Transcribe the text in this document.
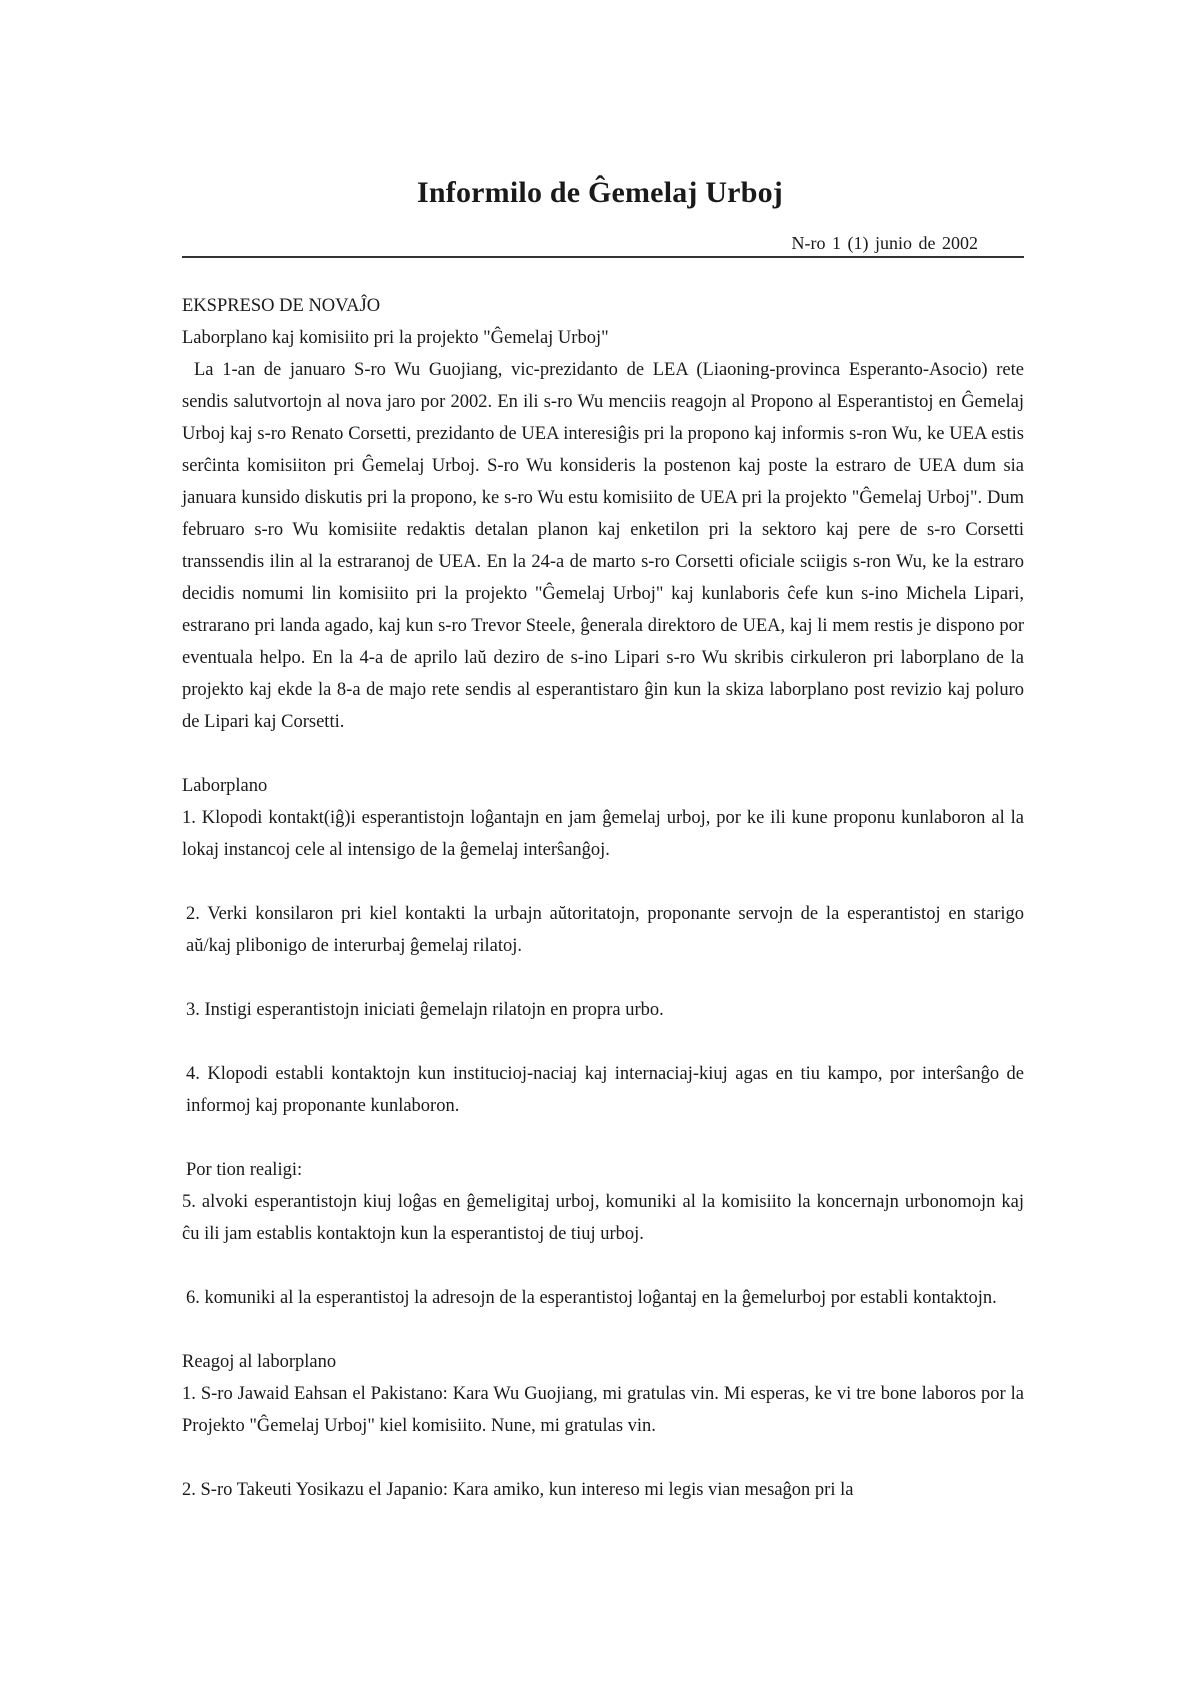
Informilo de Ĝemelaj Urboj
N-ro 1 (1) junio de 2002

EKSPRESO DE NOVAĴO

Laborplano kaj komisiito pri la projekto "Ĝemelaj Urboj"

La 1-an de januaro S-ro Wu Guojiang, vic-prezidanto de LEA (Liaoning-provinca Esperanto-Asocio) rete sendis salutvortojn al nova jaro por 2002. En ili s-ro Wu menciis reagojn al Propono al Esperantistoj en Ĝemelaj Urboj kaj s-ro Renato Corsetti, prezidanto de UEA interesiĝis pri la propono kaj informis s-ron Wu, ke UEA estis serĉinta komisiiton pri Ĝemelaj Urboj. S-ro Wu konsideris la postenon kaj poste la estraro de UEA dum sia januara kunsido diskutis pri la propono, ke s-ro Wu estu komisiito de UEA pri la projekto "Ĝemelaj Urboj". Dum februaro s-ro Wu komisiite redaktis detalan planon kaj enketilon pri la sektoro kaj pere de s-ro Corsetti transsendis ilin al la estraranoj de UEA. En la 24-a de marto s-ro Corsetti oficiale sciigis s-ron Wu, ke la estraro decidis nomumi lin komisiito pri la projekto "Ĝemelaj Urboj" kaj kunlaboris ĉefe kun s-ino Michela Lipari, estrarano pri landa agado, kaj kun s-ro Trevor Steele, ĝenerala direktoro de UEA, kaj li mem restis je dispono por eventuala helpo. En la 4-a de aprilo laŭ deziro de s-ino Lipari s-ro Wu skribis cirkuleron pri laborplano de la projekto kaj ekde la 8-a de majo rete sendis al esperantistaro ĝin kun la skiza laborplano post revizio kaj poluro de Lipari kaj Corsetti.

Laborplano

1. Klopodi kontakt(iĝ)i esperantistojn loĝantajn en jam ĝemelaj urboj, por ke ili kune proponu kunlaboron al la lokaj instancoj cele al intensigo de la ĝemelaj interŝanĝoj.

2. Verki konsilaron pri kiel kontakti la urbajn aŭtoritatojn, proponante servojn de la esperantistoj en starigo aŭ/kaj plibonigo de interurbaj ĝemelaj rilatoj.

3. Instigi esperantistojn iniciati ĝemelajn rilatojn en propra urbo.

4. Klopodi establi kontaktojn kun institucioj-naciaj kaj internaciaj-kiuj agas en tiu kampo, por interŝanĝo de informoj kaj proponante kunlaboron.

Por tion realigi:

5. alvoki esperantistojn kiuj loĝas en ĝemeligitaj urboj, komuniki al la komisiito la koncernajn urbonomojn kaj ĉu ili jam establis kontaktojn kun la esperantistoj de tiuj urboj.

6. komuniki al la esperantistoj la adresojn de la esperantistoj loĝantaj en la ĝemelurboj por establi kontaktojn.

Reagoj al laborplano

1. S-ro Jawaid Eahsan el Pakistano: Kara Wu Guojiang, mi gratulas vin. Mi esperas, ke vi tre bone laboros por la Projekto "Ĝemelaj Urboj" kiel komisiito. Nune, mi gratulas vin.

2. S-ro Takeuti Yosikazu el Japanio: Kara amiko, kun intereso mi legis vian mesaĝon pri la
